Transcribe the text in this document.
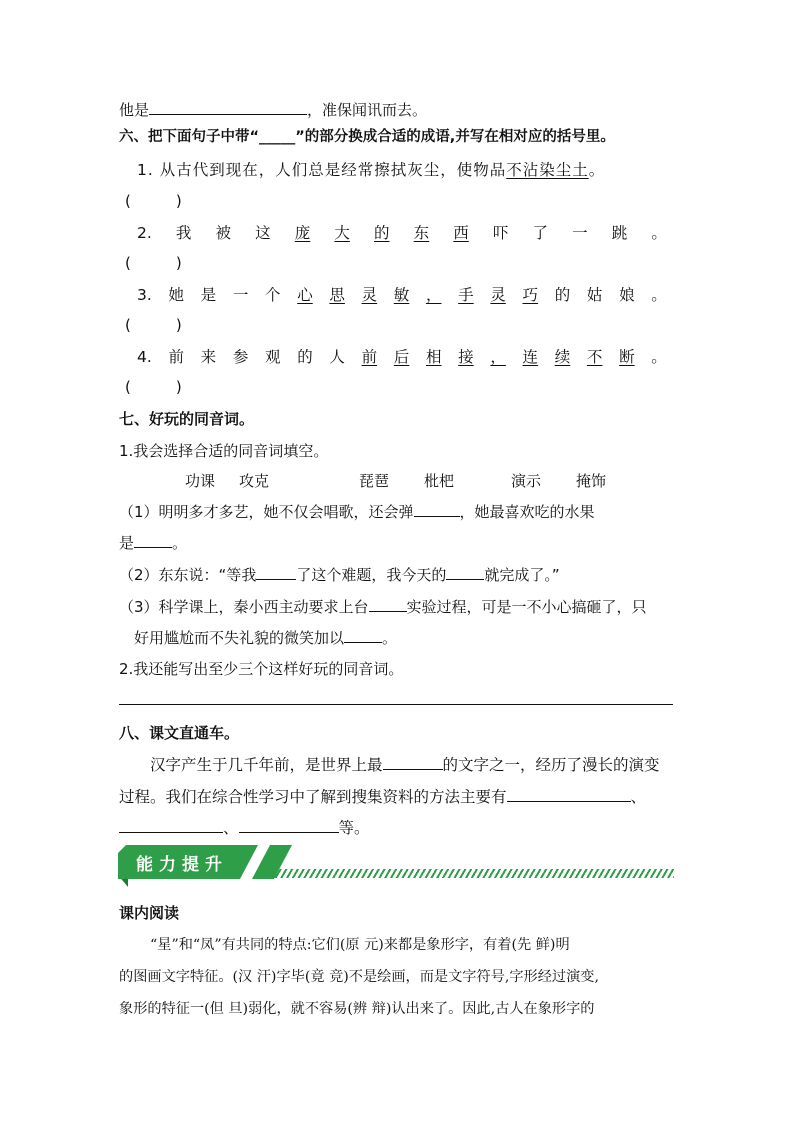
他是	，准保闻讯而去。
六、把下面句子中带“_____”的部分换成合适的成语,并写在相对应的括号里。
1. 从古代到现在，人们总是经常擦拭灰尘，使物品不沾染尘土。
(　　　)
2. 我 被 这 庞 大 的 东 西 吓 了 一 跳 。
(　　　)
3. 她 是 一 个 心 思 灵 敏 ， 手 灵 巧 的 姑 娘 。
(　　　)
4. 前 来 参 观 的 人 前 后 相 接 ， 连 续 不 断 。
(　　　)
七、好玩的同音词。
1.我会选择合适的同音词填空。
功课 攻克	琵琶 枇杷	演示 掩饰
（1）明明多才多艺，她不仅会唱歌，还会弹	，她最喜欢吃的水果
是	。
（2）东东说：“等我	了这个难题，我今天的	就完成了。”
（3）科学课上，秦小西主动要求上台	实验过程，可是一不小心搞砸了，只
好用尴尬而不失礼貌的微笑加以	。
2.我还能写出至少三个这样好玩的同音词。
八、课文直通车。
汉字产生于几千年前，是世界上最	的文字之一，经历了漫长的演变
过程。我们在综合性学习中了解到搜集资料的方法主要有	、
、	等。
能力提升
课内阅读
“星”和“凤”有共同的特点:它们(原 元)来都是象形字，有着(先 鲜)明
的图画文字特征。(汉 汗)字毕(竟 竞)不是绘画，而是文字符号,字形经过演变,
象形的特征一(但 旦)弱化，就不容易(辨 辩)认出来了。因此,古人在象形字的
